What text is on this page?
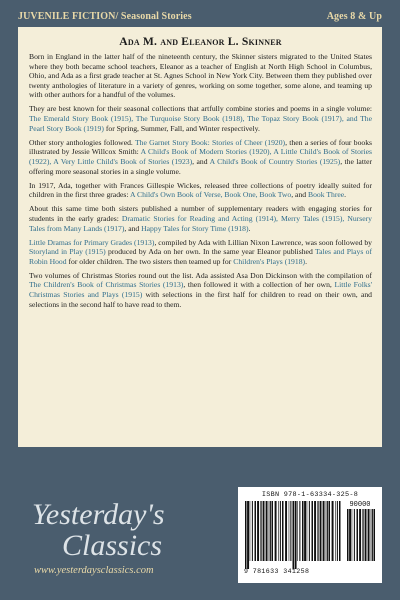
JUVENILE FICTION/ Seasonal Stories	Ages 8 & Up
Ada M. and Eleanor L. Skinner

Born in England in the latter half of the nineteenth century, the Skinner sisters migrated to the United States where they both became school teachers, Eleanor as a teacher of English at North High School in Columbus, Ohio, and Ada as a first grade teacher at St. Agnes School in New York City. Between them they published over twenty anthologies of literature in a variety of genres, working on some together, some alone, and teaming up with other authors for a handful of the volumes.

They are best known for their seasonal collections that artfully combine stories and poems in a single volume: The Emerald Story Book (1915), The Turquoise Story Book (1918), The Topaz Story Book (1917), and The Pearl Story Book (1919) for Spring, Summer, Fall, and Winter respectively.

Other story anthologies followed. The Garnet Story Book: Stories of Cheer (1920), then a series of four books illustrated by Jessie Willcox Smith: A Child's Book of Modern Stories (1920), A Little Child's Book of Stories (1922), A Very Little Child's Book of Stories (1923), and A Child's Book of Country Stories (1925), the latter offering more seasonal stories in a single volume.

In 1917, Ada, together with Frances Gillespie Wickes, released three collections of poetry ideally suited for children in the first three grades: A Child's Own Book of Verse, Book One, Book Two, and Book Three.

About this same time both sisters published a number of supplementary readers with engaging stories for students in the early grades: Dramatic Stories for Reading and Acting (1914), Merry Tales (1915), Nursery Tales from Many Lands (1917), and Happy Tales for Story Time (1918).

Little Dramas for Primary Grades (1913), compiled by Ada with Lillian Nixon Lawrence, was soon followed by Storyland in Play (1915) produced by Ada on her own. In the same year Eleanor published Tales and Plays of Robin Hood for older children. The two sisters then teamed up for Children's Plays (1918).

Two volumes of Christmas Stories round out the list. Ada assisted Asa Don Dickinson with the compilation of The Children's Book of Christmas Stories (1913), then followed it with a collection of her own, Little Folks' Christmas Stories and Plays (1915) with selections in the first half for children to read on their own, and selections in the second half to have read to them.

Yesterday's
Classics
www.yesterdaysclassics.com
ISBN 978-1-63334-325-8
90000
9 781633 341258
